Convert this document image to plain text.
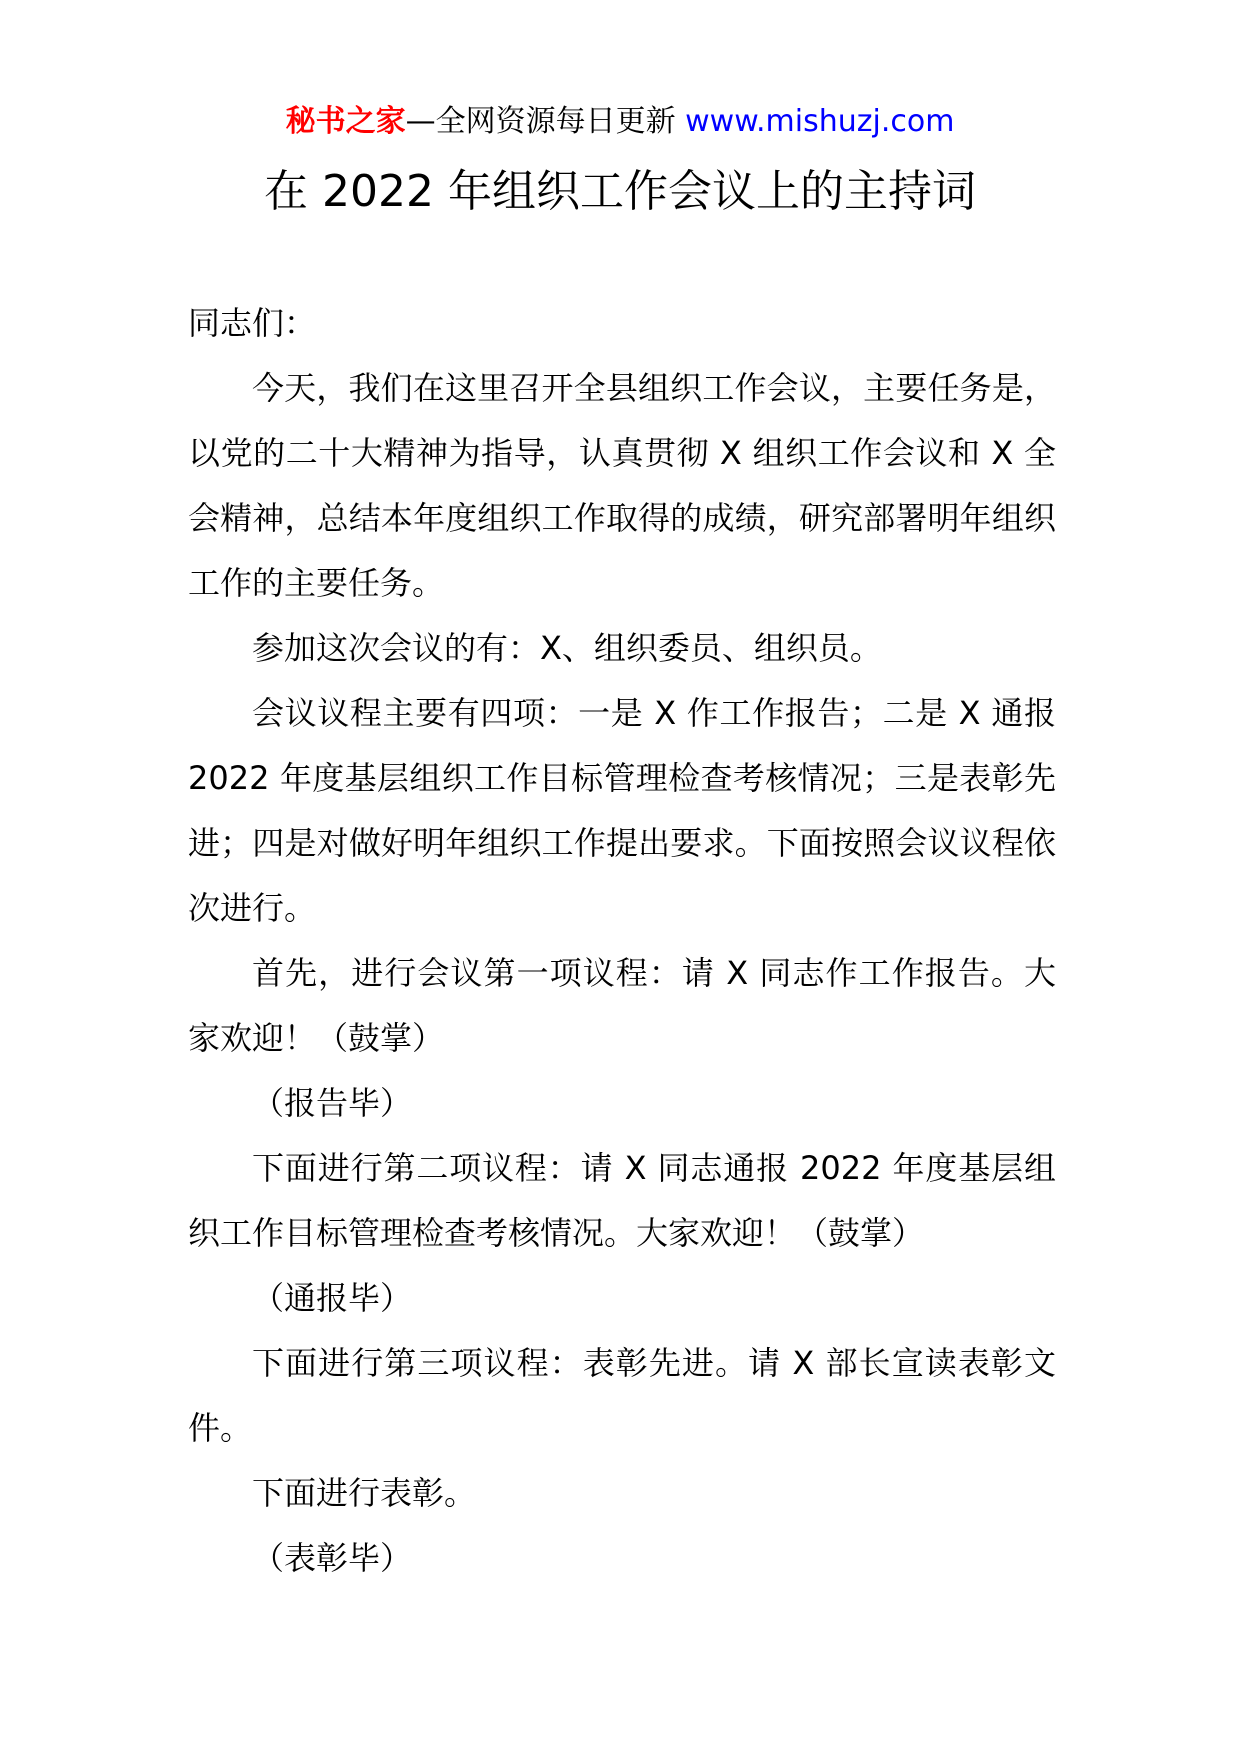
秘书之家—全网资源每日更新 www.mishuzj.com
在 2022 年组织工作会议上的主持词

同志们：

今天，我们在这里召开全县组织工作会议，主要任务是，以党的二十大精神为指导，认真贯彻 X 组织工作会议和 X 全会精神，总结本年度组织工作取得的成绩，研究部署明年组织工作的主要任务。

参加这次会议的有：X、组织委员、组织员。

会议议程主要有四项：一是 X 作工作报告；二是 X 通报 2022 年度基层组织工作目标管理检查考核情况；三是表彰先进；四是对做好明年组织工作提出要求。下面按照会议议程依次进行。

首先，进行会议第一项议程：请 X 同志作工作报告。大家欢迎！（鼓掌）

（报告毕）

下面进行第二项议程：请 X 同志通报 2022 年度基层组织工作目标管理检查考核情况。大家欢迎！（鼓掌）

（通报毕）

下面进行第三项议程：表彰先进。请 X 部长宣读表彰文件。

下面进行表彰。

（表彰毕）
